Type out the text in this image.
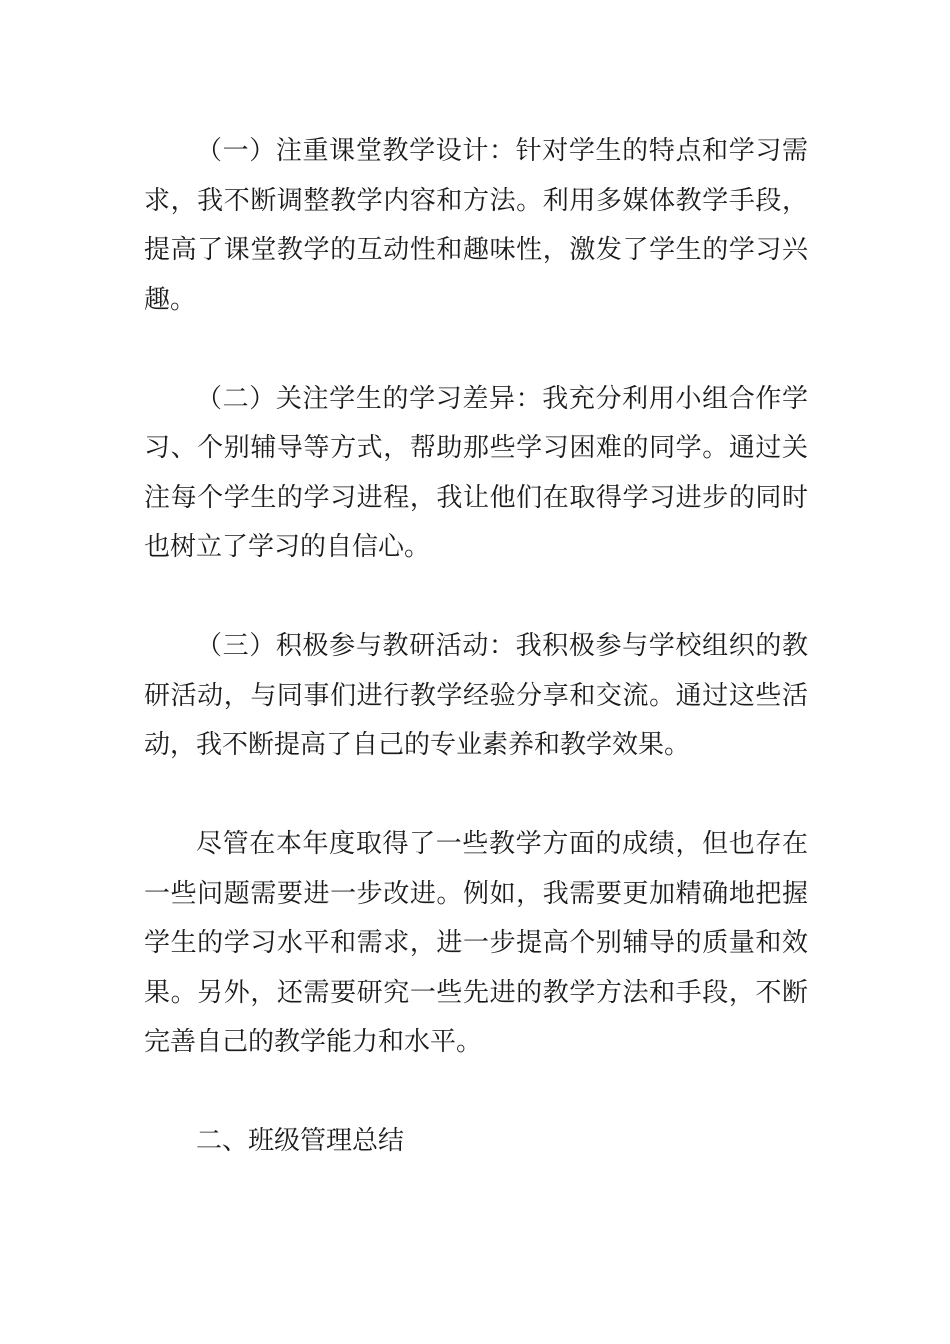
（一）注重课堂教学设计：针对学生的特点和学习需求，我不断调整教学内容和方法。利用多媒体教学手段，提高了课堂教学的互动性和趣味性，激发了学生的学习兴趣。

（二）关注学生的学习差异：我充分利用小组合作学习、个别辅导等方式，帮助那些学习困难的同学。通过关注每个学生的学习进程，我让他们在取得学习进步的同时也树立了学习的自信心。

（三）积极参与教研活动：我积极参与学校组织的教研活动，与同事们进行教学经验分享和交流。通过这些活动，我不断提高了自己的专业素养和教学效果。

尽管在本年度取得了一些教学方面的成绩，但也存在一些问题需要进一步改进。例如，我需要更加精确地把握学生的学习水平和需求，进一步提高个别辅导的质量和效果。另外，还需要研究一些先进的教学方法和手段，不断完善自己的教学能力和水平。

二、班级管理总结
